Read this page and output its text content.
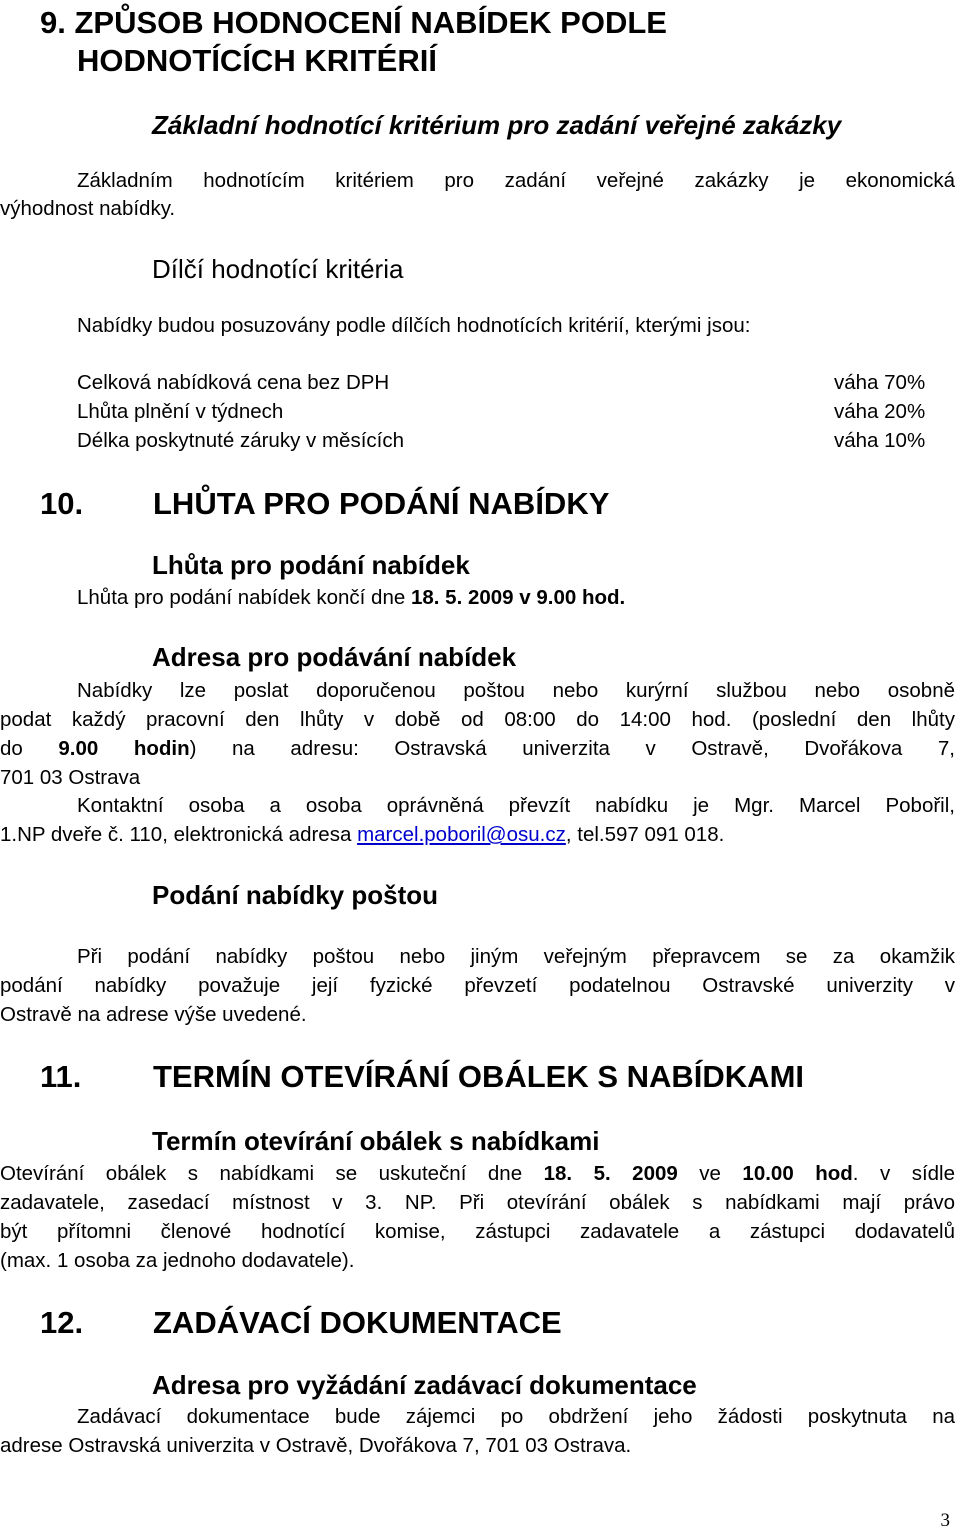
9. ZPŮSOB HODNOCENÍ NABÍDEK PODLE
HODNOTÍCÍCH KRITÉRIÍ
Základní hodnotící kritérium pro zadání veřejné zakázky
Základním hodnotícím kritériem pro zadání veřejné zakázky je ekonomická
výhodnost nabídky.
Dílčí hodnotící kritéria
Nabídky budou posuzovány podle dílčích hodnotících kritérií, kterými jsou:
Celková nabídková cena bez DPH	váha 70%
Lhůta plnění v týdnech	váha 20%
Délka poskytnuté záruky v měsících	váha 10%
10. LHŮTA PRO PODÁNÍ NABÍDKY
Lhůta pro podání nabídek
Lhůta pro podání nabídek končí dne 18. 5. 2009 v 9.00 hod.
Adresa pro podávání nabídek
Nabídky lze poslat doporučenou poštou nebo kurýrní službou nebo osobně
podat každý pracovní den lhůty v době od 08:00 do 14:00 hod. (poslední den lhůty
do 9.00 hodin) na adresu: Ostravská univerzita v Ostravě, Dvořákova 7,
701 03 Ostrava
Kontaktní osoba a osoba oprávněná převzít nabídku je Mgr. Marcel Pobořil,
1.NP dveře č. 110, elektronická adresa marcel.poboril@osu.cz, tel.597 091 018.
Podání nabídky poštou
Při podání nabídky poštou nebo jiným veřejným přepravcem se za okamžik
podání nabídky považuje její fyzické převzetí podatelnou Ostravské univerzity v
Ostravě na adrese výše uvedené.
11. TERMÍN OTEVÍRÁNÍ OBÁLEK S NABÍDKAMI
Termín otevírání obálek s nabídkami
Otevírání obálek s nabídkami se uskuteční dne 18. 5. 2009 ve 10.00 hod. v sídle
zadavatele, zasedací místnost v 3. NP. Při otevírání obálek s nabídkami mají právo
být přítomni členové hodnotící komise, zástupci zadavatele a zástupci dodavatelů
(max. 1 osoba za jednoho dodavatele).
12. ZADÁVACÍ DOKUMENTACE
Adresa pro vyžádání zadávací dokumentace
Zadávací dokumentace bude zájemci po obdržení jeho žádosti poskytnuta na
adrese Ostravská univerzita v Ostravě, Dvořákova 7, 701 03 Ostrava.
3
